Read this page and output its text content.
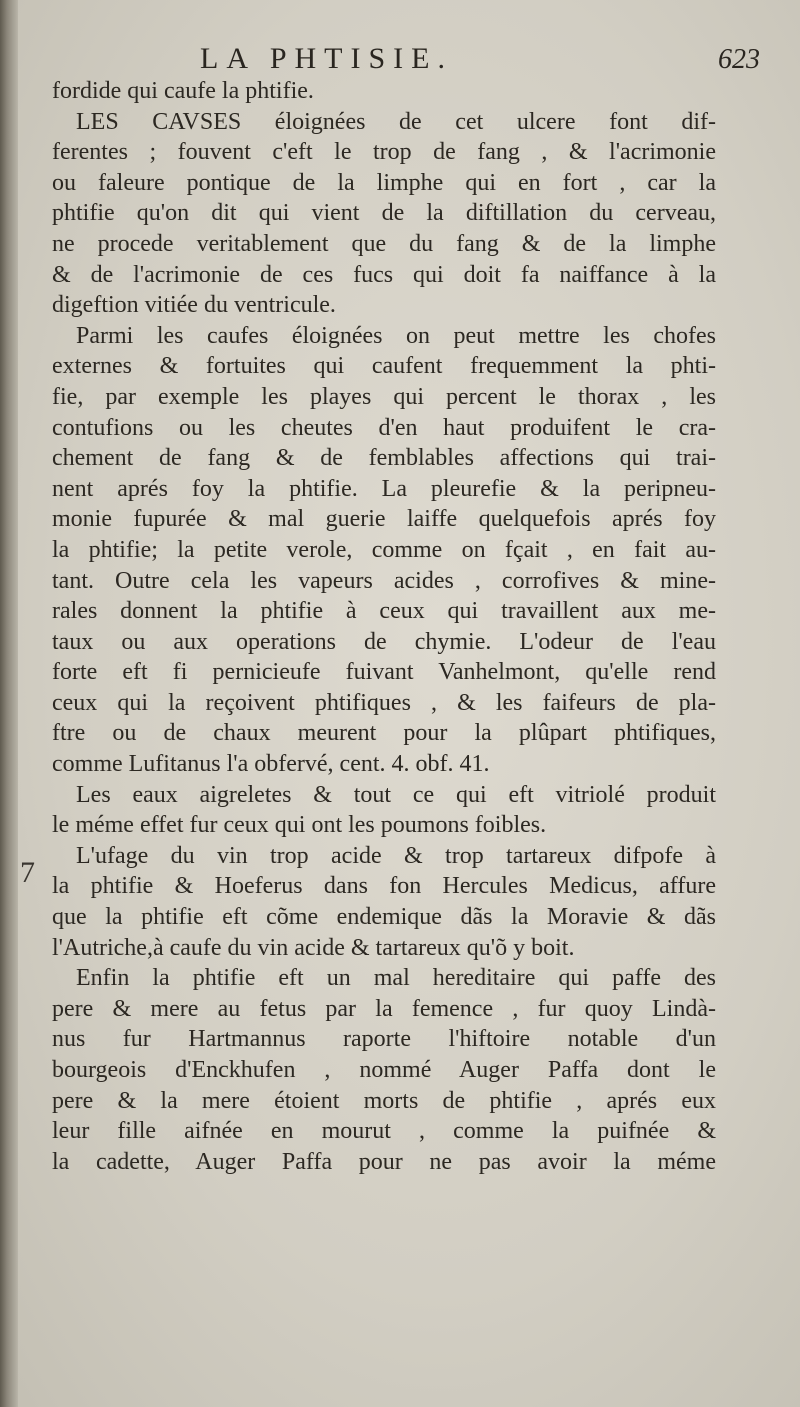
LA PHTISIE.	623
7
fordide qui caufe la phtifie.
LES CAVSES éloignées de cet ulcere font dif-
ferentes ; fouvent c'eft le trop de fang , & l'acrimonie
ou faleure pontique de la limphe qui en fort , car la
phtifie qu'on dit qui vient de la diftillation du cerveau,
ne procede veritablement que du fang & de la limphe
& de l'acrimonie de ces fucs qui doit fa naiffance à la
digeftion vitiée du ventricule.
Parmi les caufes éloignées on peut mettre les chofes
externes & fortuites qui caufent frequemment la phti-
fie, par exemple les playes qui percent le thorax , les
contufions ou les cheutes d'en haut produifent le cra-
chement de fang & de femblables affections qui trai-
nent aprés foy la phtifie. La pleurefie & la peripneu-
monie fupurée & mal guerie laiffe quelquefois aprés foy
la phtifie; la petite verole, comme on fçait , en fait au-
tant. Outre cela les vapeurs acides , corrofives & mine-
rales donnent la phtifie à ceux qui travaillent aux me-
taux ou aux operations de chymie. L'odeur de l'eau
forte eft fi pernicieufe fuivant Vanhelmont, qu'elle rend
ceux qui la reçoivent phtifiques , & les faifeurs de pla-
ftre ou de chaux meurent pour la plûpart phtifiques,
comme Lufitanus l'a obfervé, cent. 4. obf. 41.
Les eaux aigreletes & tout ce qui eft vitriolé produit
le méme effet fur ceux qui ont les poumons foibles.
L'ufage du vin trop acide & trop tartareux difpofe à
la phtifie & Hoeferus dans fon Hercules Medicus, affure
que la phtifie eft cõme endemique dãs la Moravie & dãs
l'Autriche,à caufe du vin acide & tartareux qu'õ y boit.
Enfin la phtifie eft un mal hereditaire qui paffe des
pere & mere au fetus par la femence , fur quoy Lindà-
nus fur Hartmannus raporte l'hiftoire notable d'un
bourgeois d'Enckhufen , nommé Auger Paffa dont le
pere & la mere étoient morts de phtifie , aprés eux
leur fille aifnée en mourut , comme la puifnée &
la cadette, Auger Paffa pour ne pas avoir la méme
